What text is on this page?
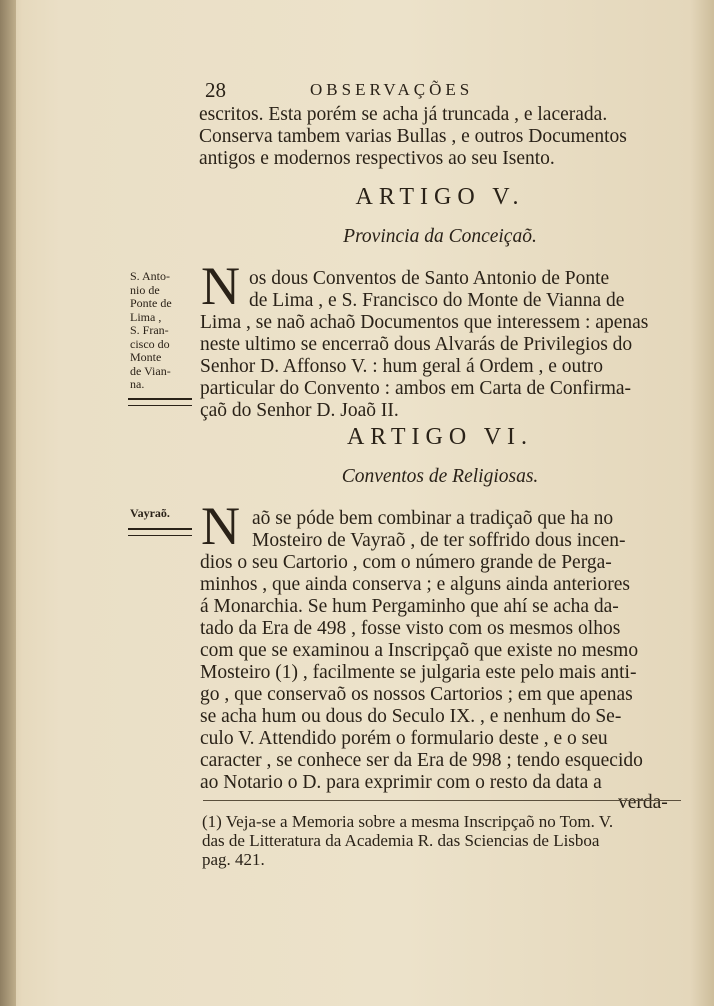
28	OBSERVAÇÕES
escritos. Esta porém se acha já truncada , e lacerada.
Conserva tambem varias Bullas , e outros Documentos
antigos e modernos respectivos ao seu Isento.
ARTIGO V.
Provincia da Conceiçaõ.
S. Anto-
nio de
Ponte de
Lima ,
S. Fran-
cisco do
Monte
de Vian-
na.
N os dous Conventos de Santo Antonio de Ponte
de Lima , e S. Francisco do Monte de Vianna de
Lima , se naõ achaõ Documentos que interessem : apenas
neste ultimo se encerraõ dous Alvarás de Privilegios do
Senhor D. Affonso V. : hum geral á Ordem , e outro
particular do Convento : ambos em Carta de Confirma-
çaõ do Senhor D. Joaõ II.
ARTIGO VI.
Conventos de Religiosas.
Vayraõ. N aõ se póde bem combinar a tradiçaõ que ha no
Mosteiro de Vayraõ , de ter soffrido dous incen-
dios o seu Cartorio , com o número grande de Perga-
minhos , que ainda conserva ; e alguns ainda anteriores
á Monarchia. Se hum Pergaminho que ahí se acha da-
tado da Era de 498 , fosse visto com os mesmos olhos
com que se examinou a Inscripçaõ que existe no mesmo
Mosteiro (1) , facilmente se julgaria este pelo mais anti-
go , que conservaõ os nossos Cartorios ; em que apenas
se acha hum ou dous do Seculo IX. , e nenhum do Se-
culo V. Attendido porém o formulario deste , e o seu
caracter , se conhece ser da Era de 998 ; tendo esquecido
ao Notario o D. para exprimir com o resto da data a
verda-
(1) Veja-se a Memoria sobre a mesma Inscripçaõ no Tom. V.
das de Litteratura da Academia R. das Sciencias de Lisboa
pag. 421.
